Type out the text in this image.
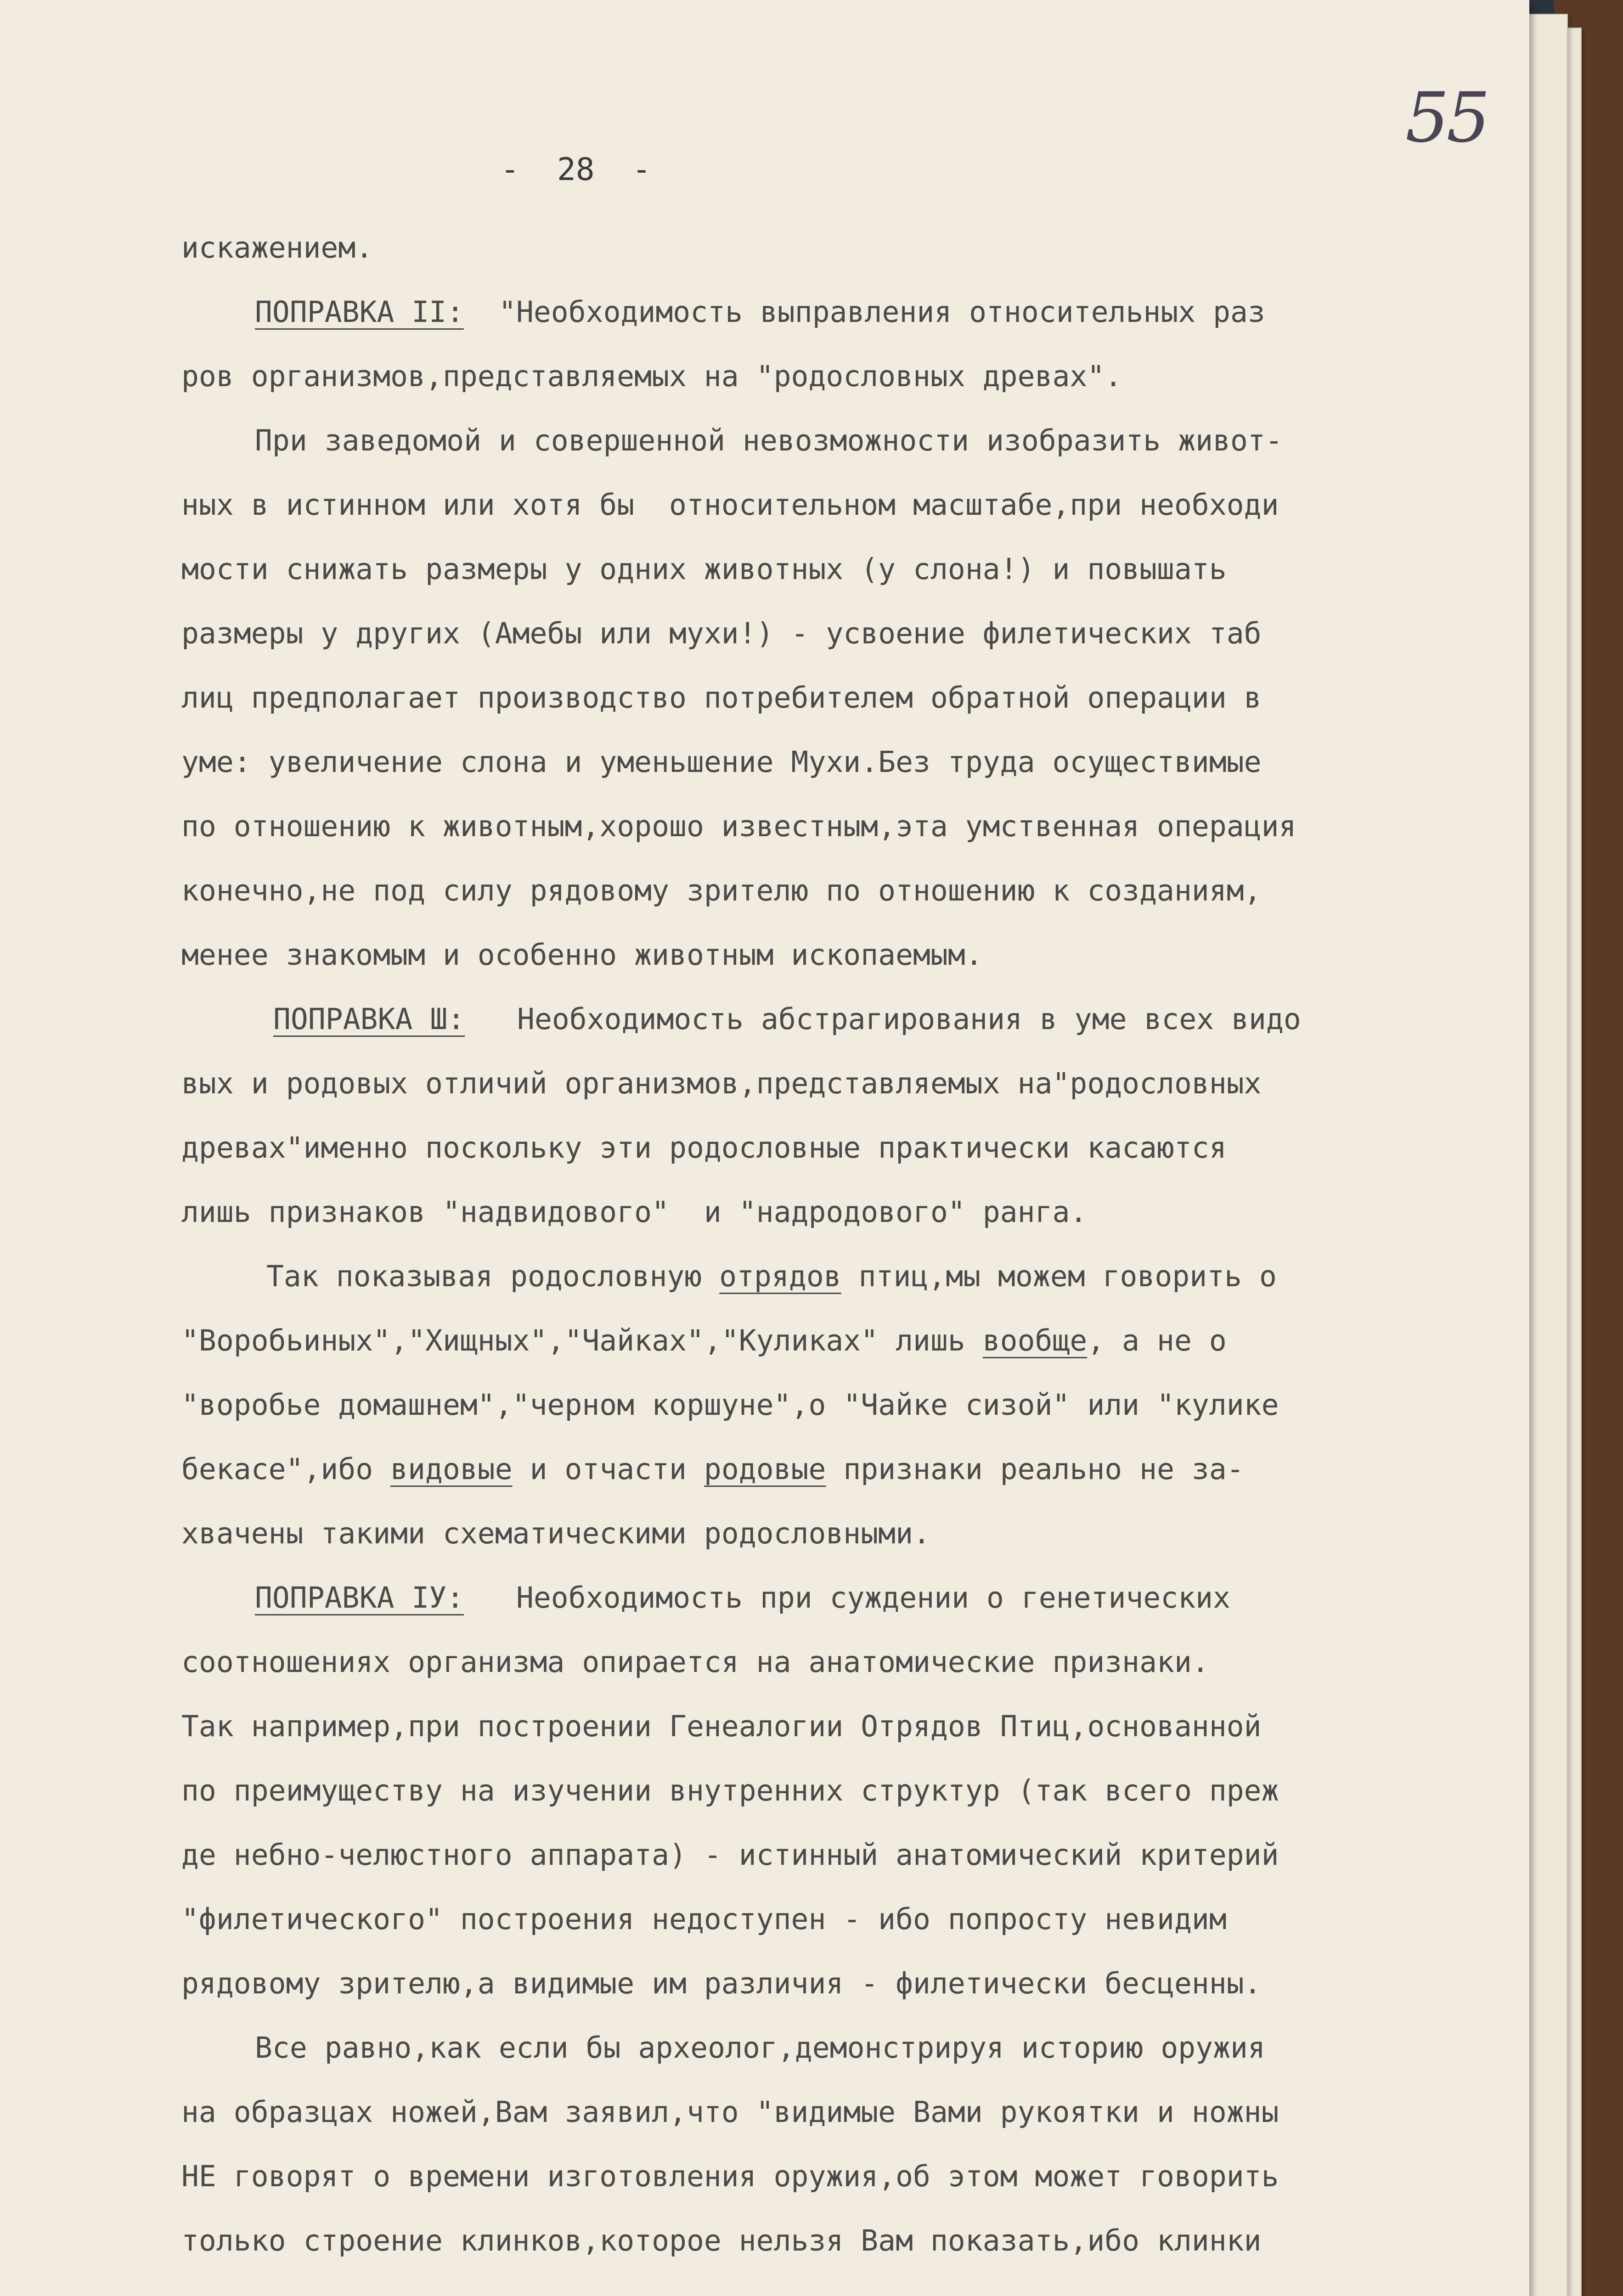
55
-  28  -
искажением.
ПОПРАВКА II:  "Необходимость выправления относительных раз
ров организмов,представляемых на "родословных древах".
При заведомой и совершенной невозможности изобразить живот-
ных в истинном или хотя бы  относительном масштабе,при необходи
мости снижать размеры у одних животных (у слона!) и повышать
размеры у других (Амебы или мухи!) - усвоение филетических таб
лиц предполагает производство потребителем обратной операции в
уме: увеличение слона и уменьшение Мухи.Без труда осуществимые
по отношению к животным,хорошо известным,эта умственная операция
конечно,не под силу рядовому зрителю по отношению к созданиям,
менее знакомым и особенно животным ископаемым.
ПОПРАВКА Ш:   Необходимость абстрагирования в уме всех видо
вых и родовых отличий организмов,представляемых на"родословных
древах"именно поскольку эти родословные практически касаются
лишь признаков "надвидового"  и "надродового" ранга.
Так показывая родословную отрядов птиц,мы можем говорить о
"Воробьиных","Хищных","Чайках","Куликах" лишь вообще, а не о
"воробье домашнем","черном коршуне",о "Чайке сизой" или "кулике
бекасе",ибо видовые и отчасти родовые признаки реально не за-
хвачены такими схематическими родословными.
ПОПРАВКА IУ:   Необходимость при суждении о генетических
соотношениях организма опирается на анатомические признаки.
Так например,при построении Генеалогии Отрядов Птиц,основанной
по преимуществу на изучении внутренних структур (так всего преж
де небно-челюстного аппарата) - истинный анатомический критерий
"филетического" построения недоступен - ибо попросту невидим
рядовому зрителю,а видимые им различия - филетически бесценны.
Все равно,как если бы археолог,демонстрируя историю оружия
на образцах ножей,Вам заявил,что "видимые Вами рукоятки и ножны
НЕ говорят о времени изготовления оружия,об этом может говорить
только строение клинков,которое нельзя Вам показать,ибо клинки
